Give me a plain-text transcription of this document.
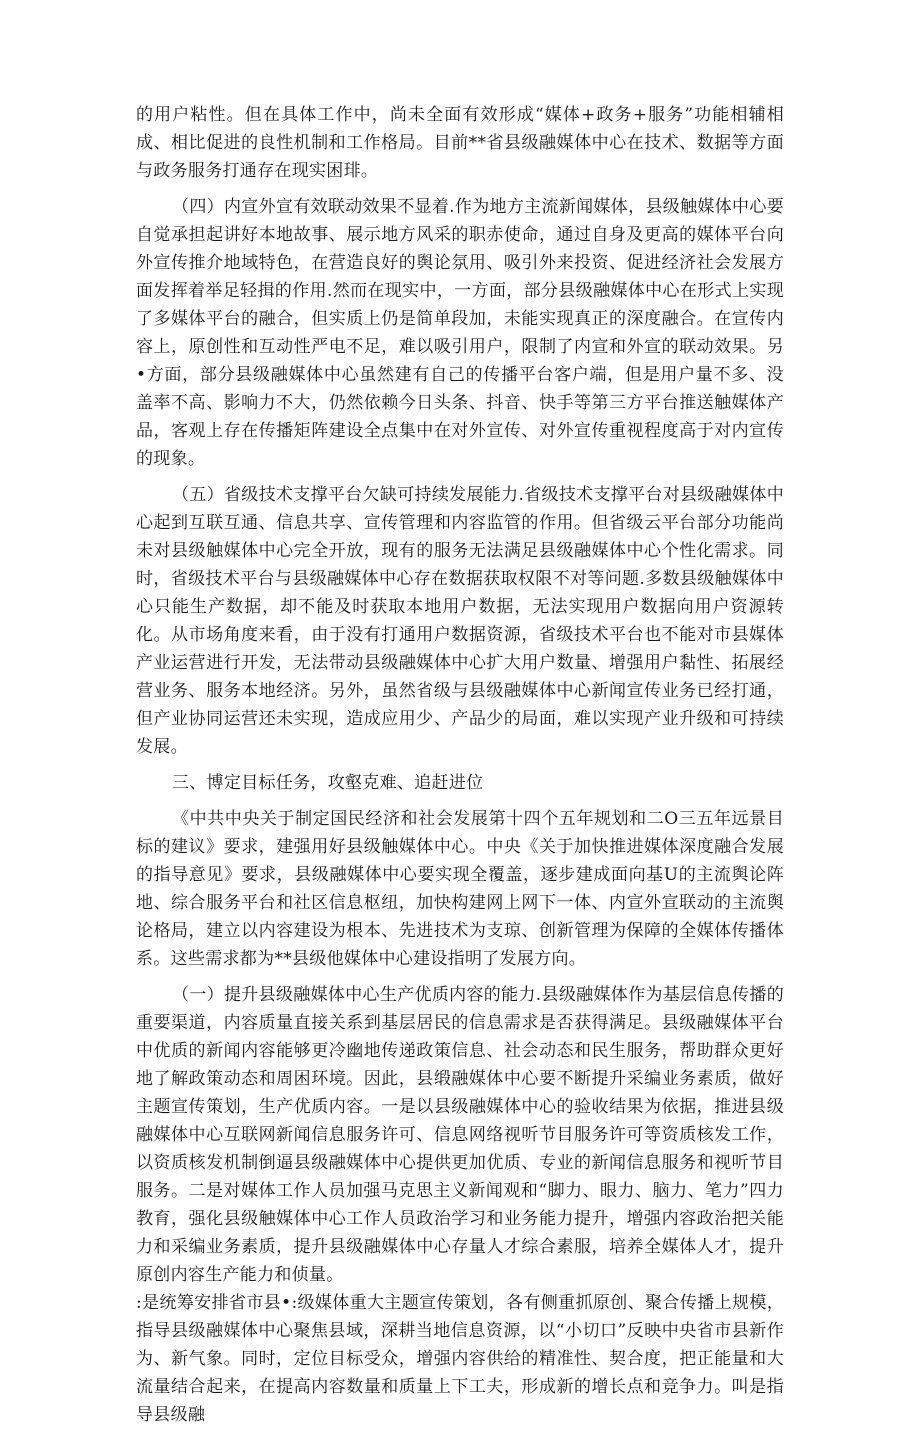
的用户粘性。但在具体工作中，尚未全面有效形成“媒体+政务+服务”功能相辅相成、相比促进的良性机制和工作格局。目前**省县级融媒体中心在技术、数据等方面与政务服务打通存在现实困琲。

（四）内宣外宣有效联动效果不显着.作为地方主流新闻媒体，县级触媒体中心要自觉承担起讲好本地故事、展示地方风采的职赤使命，通过自身及更高的媒体平台向外宣传推介地域特色，在营造良好的舆论氛用、吸引外来投资、促进经济社会发展方面发挥着举足轻揖的作用.然而在现实中，一方面，部分县级融媒体中心在形式上实现了多媒体平台的融合，但实质上仍是简单段加，未能实现真正的深度融合。在宣传内容上，原创性和互动性严电不足，难以吸引用户，限制了内宣和外宣的联动效果。另•方面，部分县级融媒体中心虽然建有自己的传播平台客户端，但是用户量不多、没盖率不高、影响力不大，仍然依赖今日头条、抖音、快手等第三方平台推送触媒体产品，客观上存在传播矩阵建设全点集中在对外宣传、对外宣传重视程度高于对内宣传的现象。

（五）省级技术支撑平台欠缺可持续发展能力.省级技术支撑平台对县级融媒体中心起到互联互通、信息共享、宣传管理和内容监管的作用。但省级云平台部分功能尚未对县级触媒体中心完全开放，现有的服务无法满足县级融媒体中心个性化需求。同时，省级技术平台与县级融媒体中心存在数据获取权限不对等问题.多数县级触媒体中心只能生产数据，却不能及时获取本地用户数据，无法实现用户数据向用户资源转化。从市场角度来看，由于没有打通用户数据资源，省级技术平台也不能对市县媒体产业运营进行开发，无法带动县级融媒体中心扩大用户数量、增强用户黏性、拓展经营业务、服务本地经济。另外，虽然省级与县级融媒体中心新闻宣传业务已经打通，但产业协同运营还未实现，造成应用少、产品少的局面，难以实现产业升级和可持续发展。

三、博定目标任务，攻壑克难、追赶进位

《中共中央关于制定国民经济和社会发展第十四个五年规划和二O三五年远景目标的建议》要求，建强用好县级触媒体中心。中央《关于加快推进媒体深度融合发展的指导意见》要求，县级融媒体中心要实现全覆盖，逐步建成面向基U的主流舆论阵地、综合服务平台和社区信息枢纽，加快构建网上网下一体、内宣外宣联动的主流舆论格局，建立以内容建设为根本、先进技术为支琼、创新管理为保障的全媒体传播体系。这些需求都为**县级他媒体中心建设指明了发展方向。

（一）提升县级融媒体中心生产优质内容的能力.县级融媒体作为基层信息传播的重要渠道，内容质量直接关系到基层居民的信息需求是否获得满足。县级融媒体平台中优质的新闻内容能够更冷幽地传递政策信息、社会动态和民生服务，帮助群众更好地了解政策动态和周困环境。因此，县缎融媒体中心要不断提升采编业务素质，做好主题宣传策划，生产优质内容。一是以县级融媒体中心的验收结果为依据，推进县级融媒体中心互联网新闻信息服务许可、信息网络视听节目服务许可等资质核发工作，以资质核发机制倒逼县级融媒体中心提供更加优质、专业的新闻信息服务和视听节目服务。二是对媒体工作人员加强马克思主义新闻观和“脚力、眼力、脑力、笔力”四力教育，强化县级触媒体中心工作人员政治学习和业务能力提升，增强内容政治把关能力和采编业务素质，提升县级融媒体中心存量人才综合素服，培养全媒体人才，提升原创内容生产能力和侦量。

:是统筹安排省市县•:级媒体重大主题宣传策划，各有侧重抓原创、聚合传播上规模，指导县级融媒体中心聚焦县域，深耕当地信息资源，以“小切口”反映中央省市县新作为、新气象。同时，定位目标受众，增强内容供给的精准性、契合度，把正能量和大流量结合起来，在提高内容数量和质量上下工夫，形成新的增长点和竞争力。叫是指导县级融
